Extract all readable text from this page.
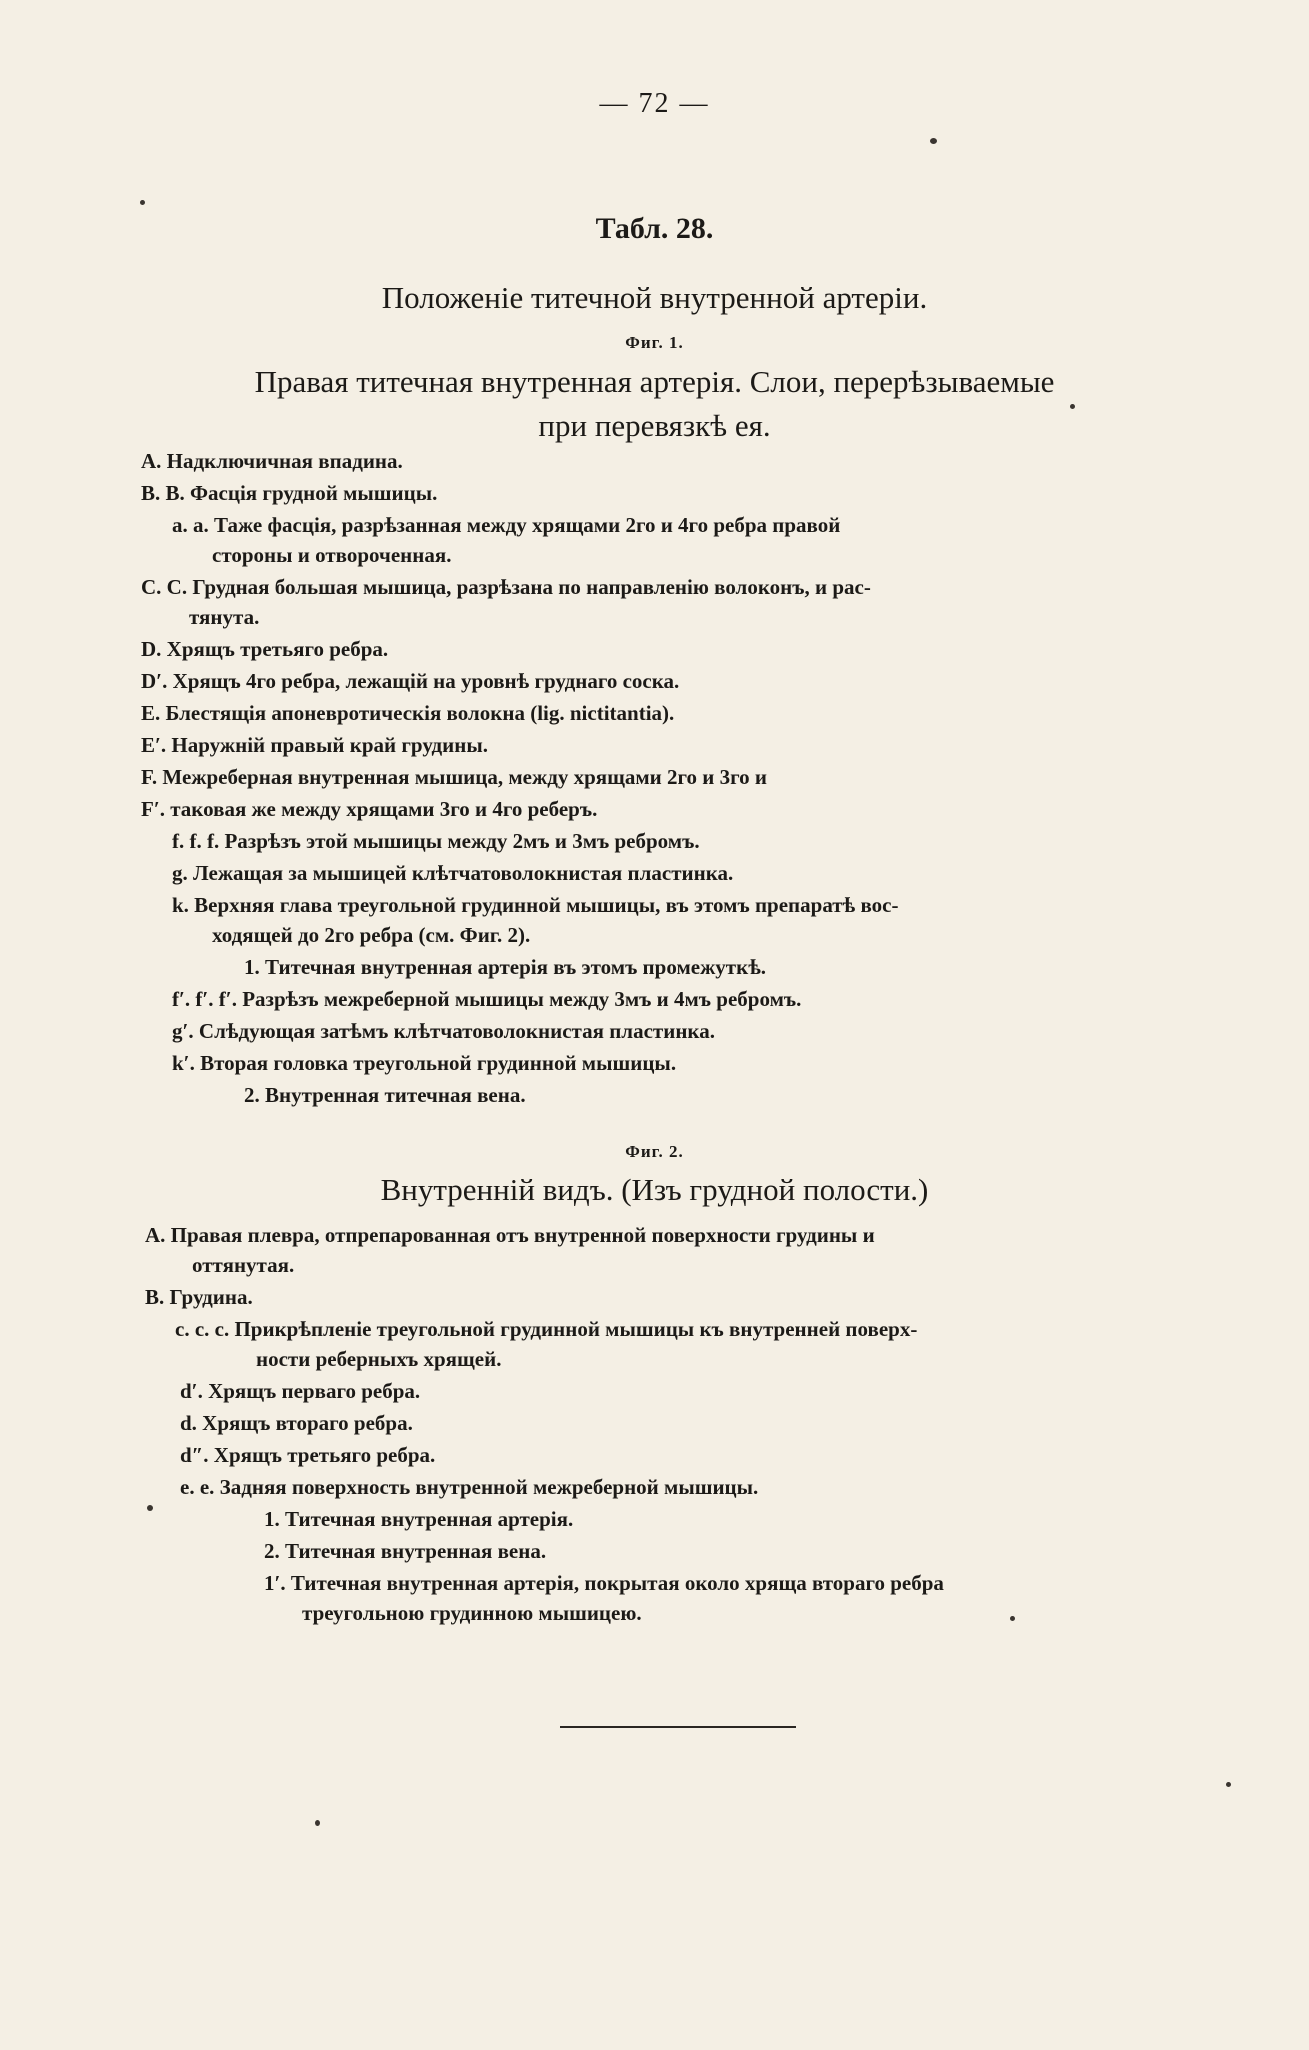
— 72 —
Табл. 28.
Положеніе титечной внутренной артеріи.
Фиг. 1.
Правая титечная внутренная артерія. Слои, перерѣзываемые
при перевязкѣ ея.
A. Надключичная впадина.
B. B. Фасція грудной мышицы.
a. a. Таже фасція, разрѣзанная между хрящами 2го и 4го ребра правой
стороны и отвороченная.
C. C. Грудная большая мышица, разрѣзана по направленію волоконъ, и рас-
тянута.
D. Хрящъ третьяго ребра.
D′. Хрящъ 4го ребра, лежащій на уровнѣ груднаго соска.
E. Блестящія апоневротическія волокна (lig. nictitantia).
E′. Наружній правый край грудины.
F. Межреберная внутренная мышица, между хрящами 2го и 3го и
F′. таковая же между хрящами 3го и 4го реберъ.
f. f. f. Разрѣзъ этой мышицы между 2мъ и 3мъ ребромъ.
g. Лежащая за мышицей клѣтчатоволокнистая пластинка.
k. Верхняя глава треугольной грудинной мышицы, въ этомъ препаратѣ вос-
ходящей до 2го ребра (см. Фиг. 2).
1. Титечная внутренная артерія въ этомъ промежуткѣ.
f′. f′. f′. Разрѣзъ межреберной мышицы между 3мъ и 4мъ ребромъ.
g′. Слѣдующая затѣмъ клѣтчатоволокнистая пластинка.
k′. Вторая головка треугольной грудинной мышицы.
2. Внутренная титечная вена.
Фиг. 2.
Внутренній видъ. (Изъ грудной полости.)
A. Правая плевра, отпрепарованная отъ внутренной поверхности грудины и
оттянутая.
B. Грудина.
c. c. c. Прикрѣпленіе треугольной грудинной мышицы къ внутренней поверх-
ности реберныхъ хрящей.
d′. Хрящъ перваго ребра.
d. Хрящъ втораго ребра.
d″. Хрящъ третьяго ребра.
e. e. Задняя поверхность внутренной межреберной мышицы.
1. Титечная внутренная артерія.
2. Титечная внутренная вена.
1′. Титечная внутренная артерія, покрытая около хряща втораго ребра
треугольною грудинною мышицею.
